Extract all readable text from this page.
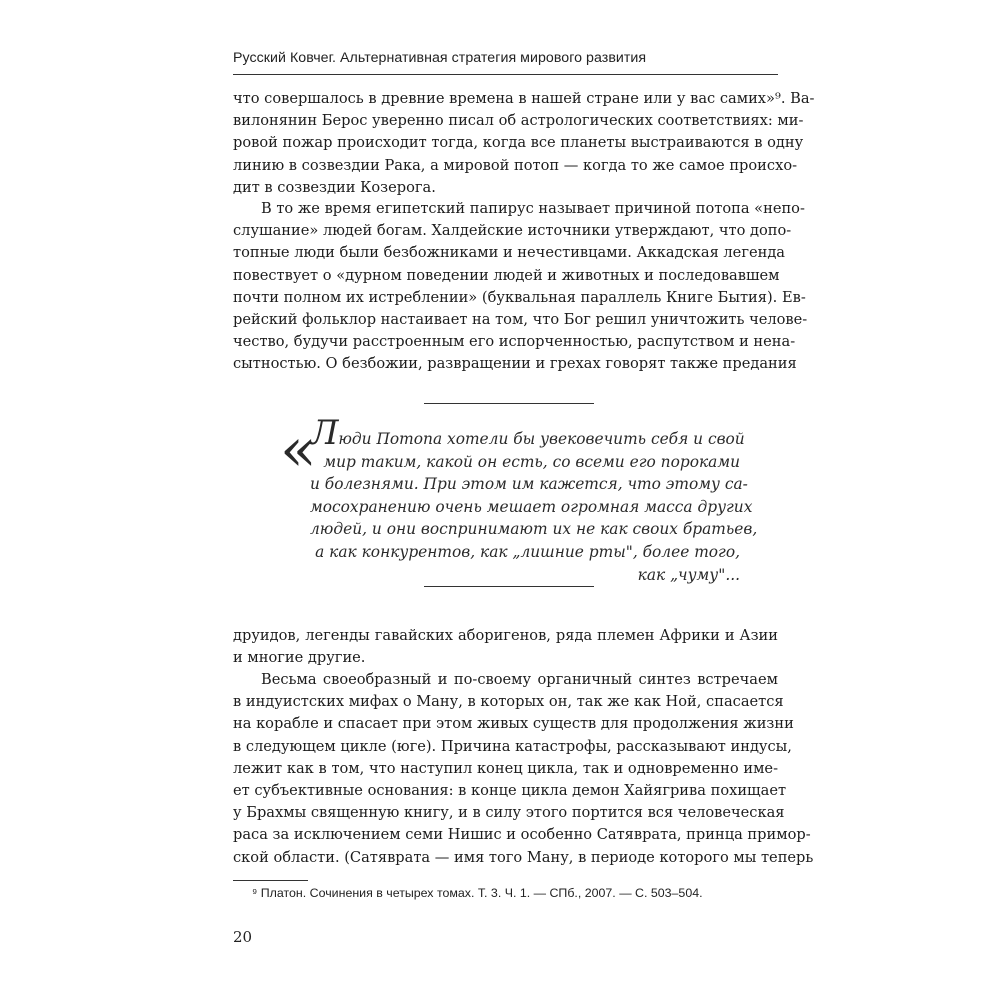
Русский Ковчег. Альтернативная стратегия мирового развития
что совершалось в древние времена в нашей стране или у вас самих»⁹. Ва-
вилонянин Берос уверенно писал об астрологических соответствиях: ми-
ровой пожар происходит тогда, когда все планеты выстраиваются в одну
линию в созвездии Рака, а мировой потоп — когда то же самое происхо-
дит в созвездии Козерога.
В то же время египетский папирус называет причиной потопа «непо-
слушание» людей богам. Халдейские источники утверждают, что допо-
топные люди были безбожниками и нечестивцами. Аккадская легенда
повествует о «дурном поведении людей и животных и последовавшем
почти полном их истреблении» (буквальная параллель Книге Бытия). Ев-
рейский фольклор настаивает на том, что Бог решил уничтожить челове-
чество, будучи расстроенным его испорченностью, распутством и нена-
сытностью. О безбожии, развращении и грехах говорят также предания
«
Люди Потопа хотели бы увековечить себя и свой
мир таким, какой он есть, со всеми его пороками
и болезнями. При этом им кажется, что этому са-
мосохранению очень мешает огромная масса других
людей, и они воспринимают их не как своих братьев,
а как конкурентов, как „лишние рты", более того,
как „чуму"...
друидов, легенды гавайских аборигенов, ряда племен Африки и Азии
и многие другие.
Весьма своеобразный и по-своему органичный синтез встречаем
в индуистских мифах о Ману, в которых он, так же как Ной, спасается
на корабле и спасает при этом живых существ для продолжения жизни
в следующем цикле (юге). Причина катастрофы, рассказывают индусы,
лежит как в том, что наступил конец цикла, так и одновременно име-
ет субъективные основания: в конце цикла демон Хайягрива похищает
у Брахмы священную книгу, и в силу этого портится вся человеческая
раса за исключением семи Нишис и особенно Сатяврата, принца примор-
ской области. (Сатяврата — имя того Ману, в периоде которого мы теперь
⁹ Платон. Сочинения в четырех томах. Т. 3. Ч. 1. — СПб., 2007. — С. 503–504.
20
